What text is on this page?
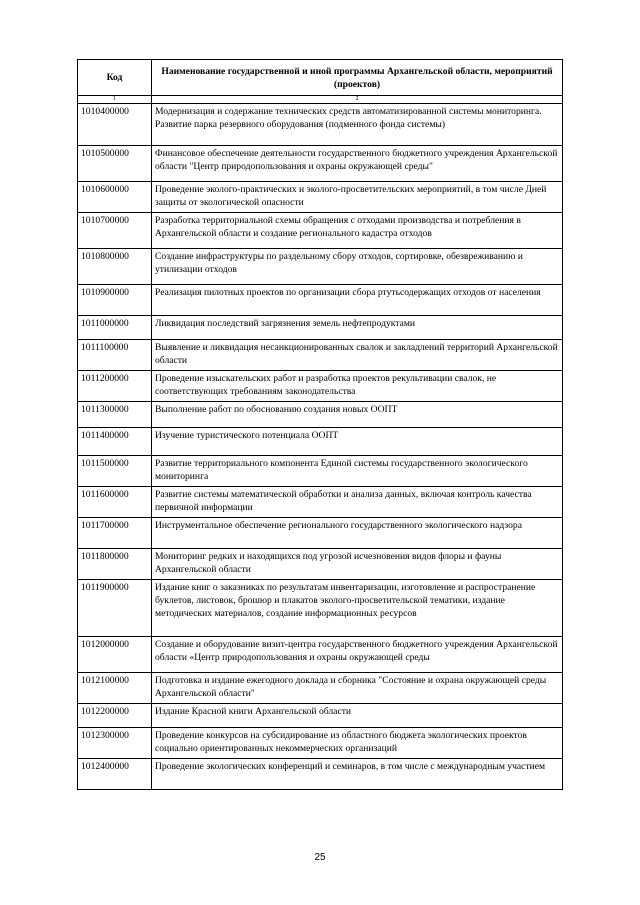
Код	Наименование государственной и иной программы Архангельской области, мероприятий (проектов)
1	2
1010400000	Модернизация и содержание технических средств автоматизированной системы мониторинга. Развитие парка резервного оборудования (подменного фонда системы)
1010500000	Финансовое обеспечение деятельности государственного бюджетного учреждения Архангельской области "Центр природопользования и охраны окружающей среды"
1010600000	Проведение эколого-практических и эколого-просветительских мероприятий, в том числе Дней защиты от экологической опасности
1010700000	Разработка территориальной схемы обращения с отходами производства и потребления в Архангельской области и создание регионального кадастра отходов
1010800000	Создание инфраструктуры по раздельному сбору отходов, сортировке, обезвреживанию и утилизации отходов
1010900000	Реализация пилотных проектов по организации сбора ртутьсодержащих отходов от населения
1011000000	Ликвидация последствий загрязнения земель нефтепродуктами
1011100000	Выявление и ликвидация несанкционированных свалок и закладлений территорий Архангельской области
1011200000	Проведение изыскательских работ и разработка проектов рекультивации свалок, не соответствующих требованиям законодательства
1011300000	Выполнение работ по обоснованию создания новых ООПТ
1011400000	Изучение туристического потенциала ООПТ
1011500000	Развитие территориального компонента Единой системы государственного экологического мониторинга
1011600000	Развитие системы математической обработки и анализа данных, включая контроль качества первичной информации
1011700000	Инструментальное обеспечение регионального государственного экологического надзора
1011800000	Мониторинг редких и находящихся под угрозой исчезновения видов флоры и фауны Архангельской области
1011900000	Издание книг о заказниках по результатам инвентаризации, изготовление и распространение буклетов, листовок, брошюр и плакатов эколого-просветительской тематики, издание методических материалов, создание информационных ресурсов
1012000000	Создание и оборудование визит-центра государственного бюджетного учреждения Архангельской области «Центр природопользования и охраны окружающей среды
1012100000	Подготовка и издание ежегодного доклада и сборника "Состояние и охрана окружающей среды Архангельской области"
1012200000	Издание Красной книги Архангельской области
1012300000	Проведение конкурсов на субсидирование из областного бюджета экологических проектов социально ориентированных некоммерческих организаций
1012400000	Проведение экологических конференций и семинаров, в том числе с международным участием
25
